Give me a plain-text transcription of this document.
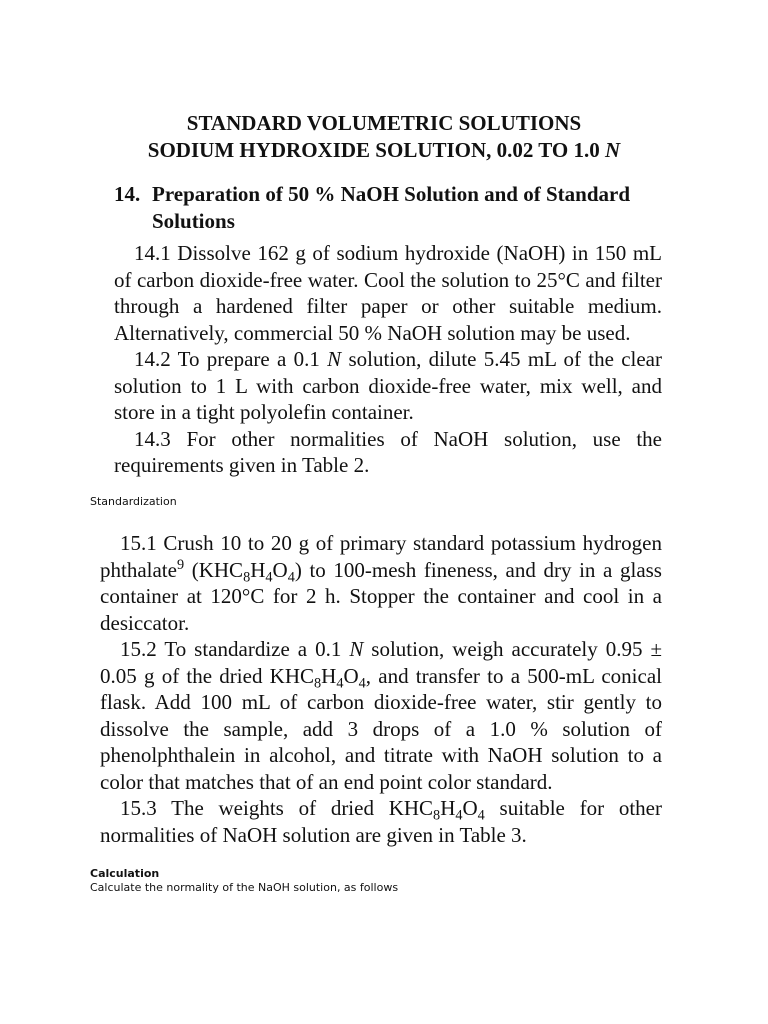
STANDARD VOLUMETRIC SOLUTIONS
SODIUM HYDROXIDE SOLUTION, 0.02 TO 1.0 N
14. Preparation of 50 % NaOH Solution and of Standard Solutions

14.1 Dissolve 162 g of sodium hydroxide (NaOH) in 150 mL of carbon dioxide-free water. Cool the solution to 25°C and filter through a hardened filter paper or other suitable medium. Alternatively, commercial 50 % NaOH solution may be used.

14.2 To prepare a 0.1 N solution, dilute 5.45 mL of the clear solution to 1 L with carbon dioxide-free water, mix well, and store in a tight polyolefin container.

14.3 For other normalities of NaOH solution, use the requirements given in Table 2.

Standardization

15.1 Crush 10 to 20 g of primary standard potassium hydrogen phthalate$^9$ $(KHC_8H_4O_4)$ to 100-mesh fineness, and dry in a glass container at 120°C for 2 h. Stopper the container and cool in a desiccator.

15.2 To standardize a 0.1 N solution, weigh accurately 0.95 ± 0.05 g of the dried $KHC_8H_4O_4$, and transfer to a 500-mL conical flask. Add 100 mL of carbon dioxide-free water, stir gently to dissolve the sample, add 3 drops of a 1.0 % solution of phenolphthalein in alcohol, and titrate with NaOH solution to a color that matches that of an end point color standard.

15.3 The weights of dried $KHC_8H_4O_4$ suitable for other normalities of NaOH solution are given in Table 3.

Calculation
Calculate the normality of the NaOH solution, as follows
